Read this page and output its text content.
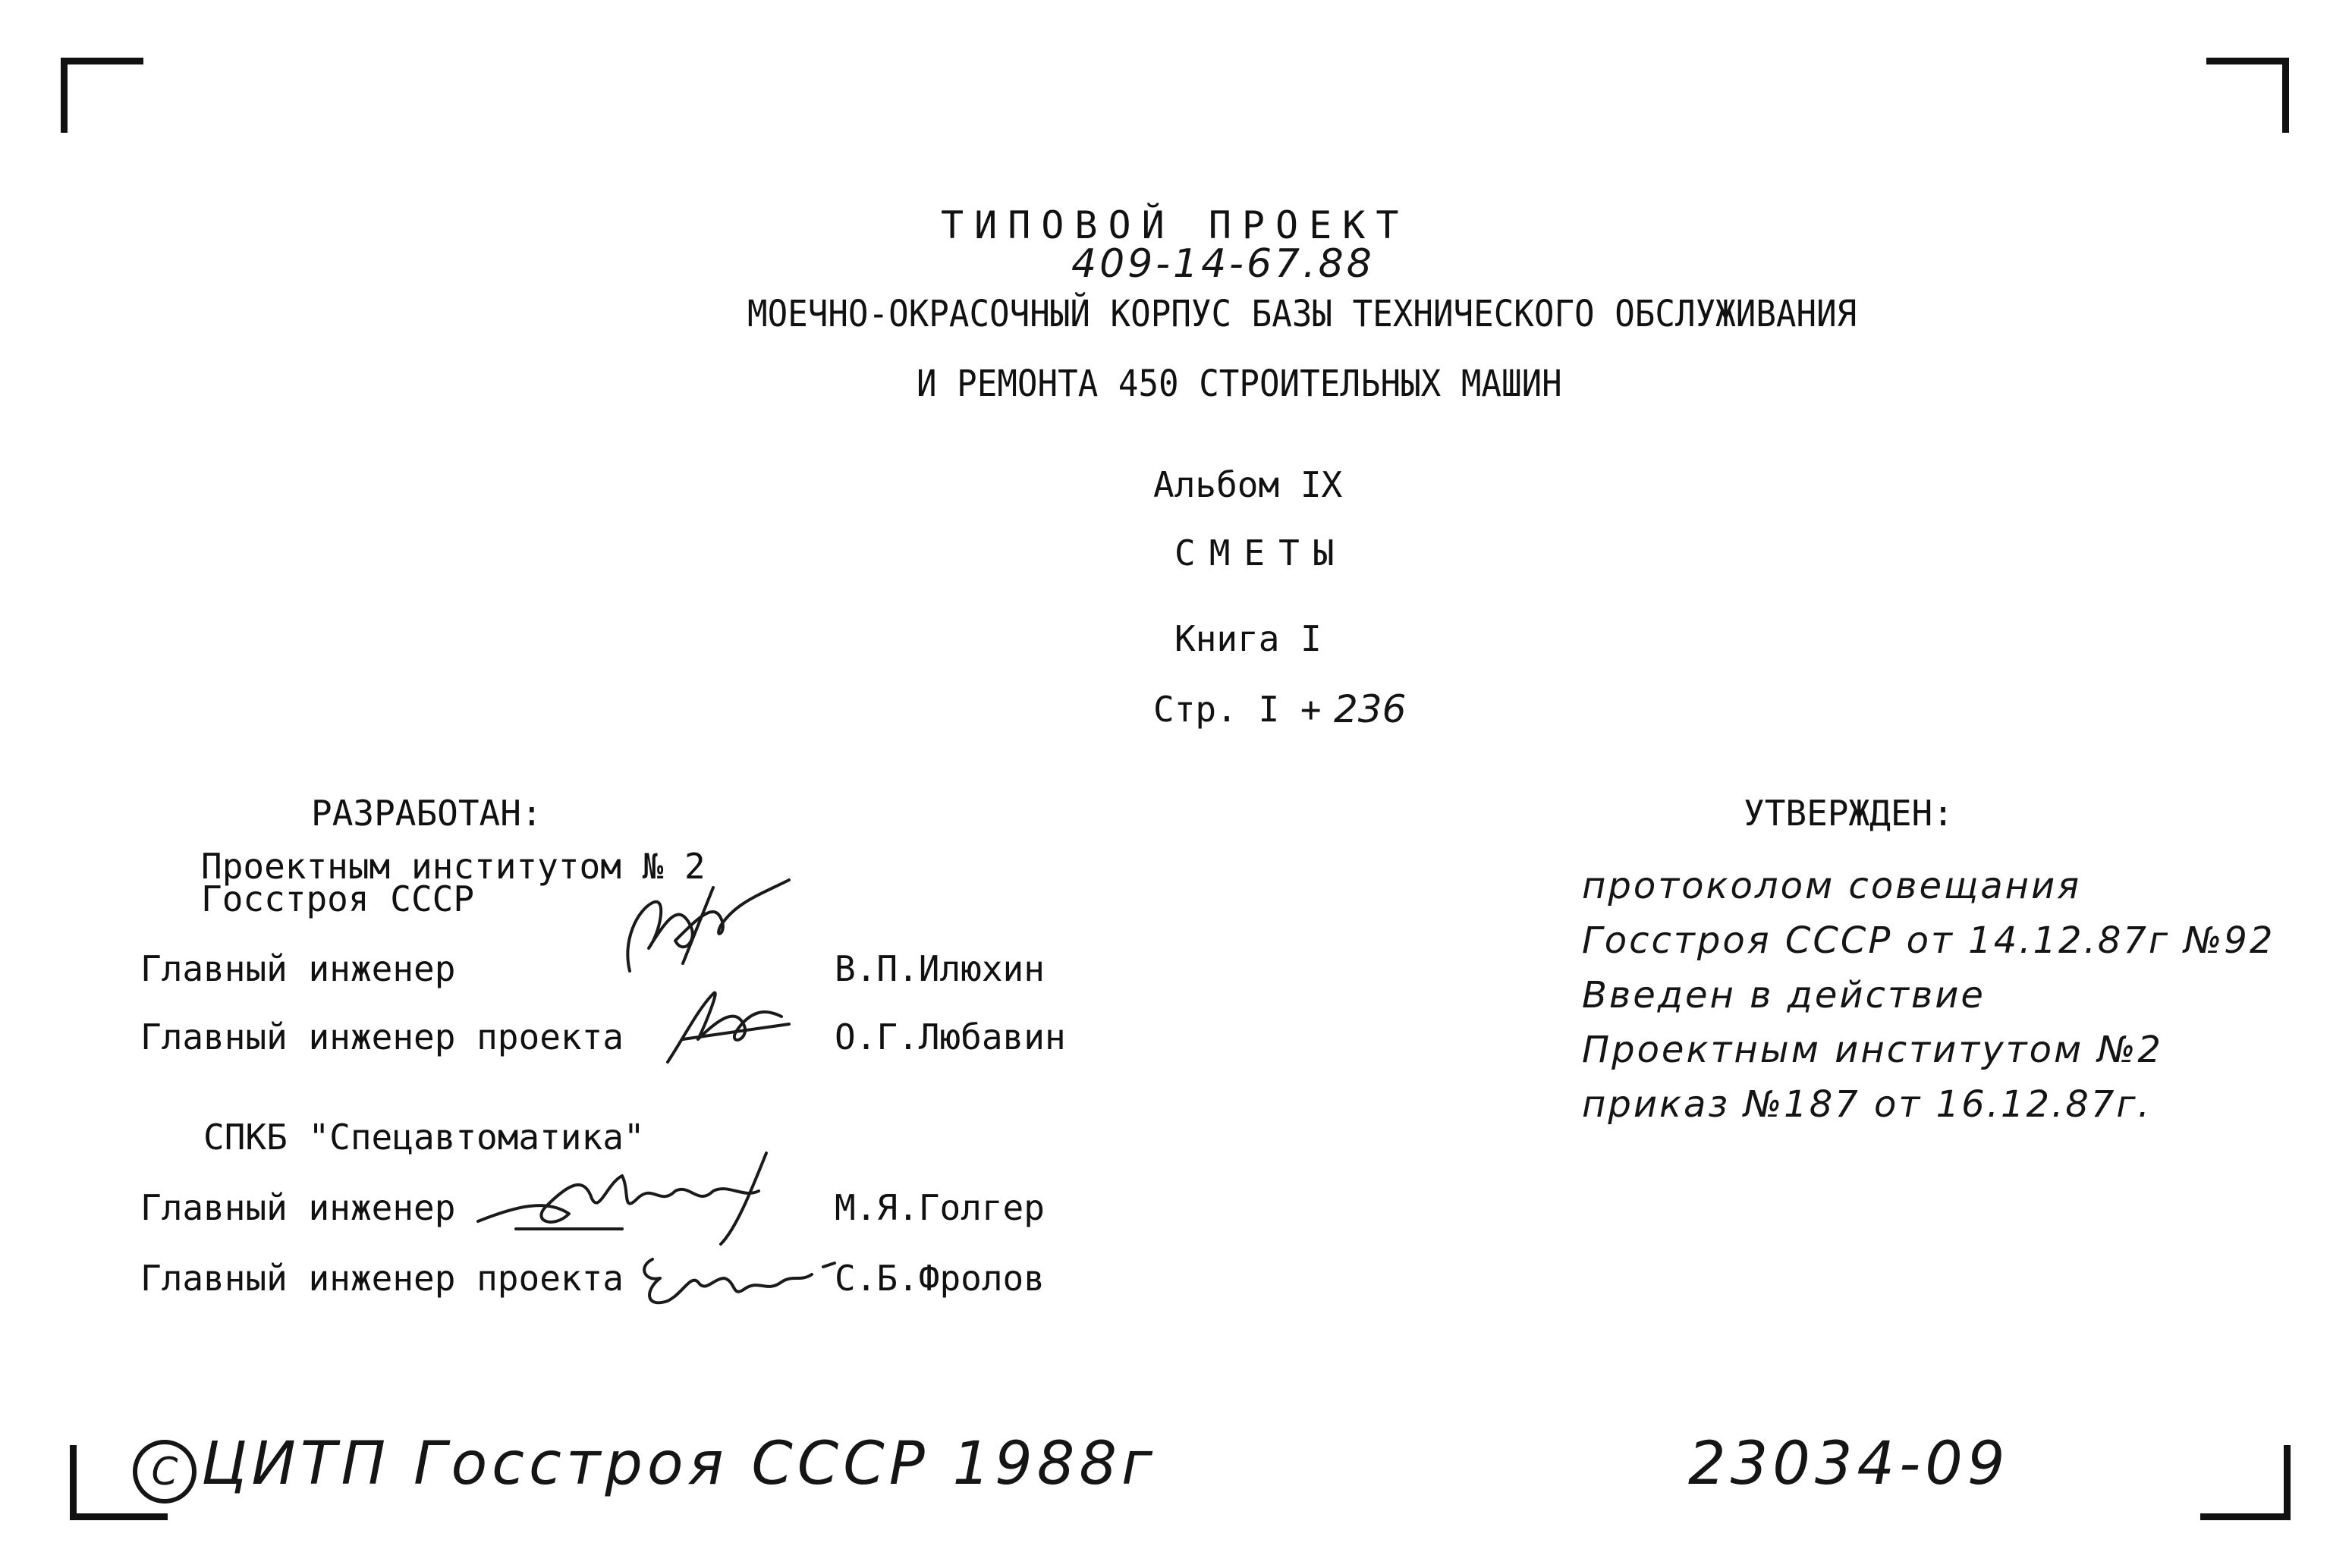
ТИПОВОЙ ПРОЕКТ
409-14-67.88
МОЕЧНО-ОКРАСОЧНЫЙ КОРПУС БАЗЫ ТЕХНИЧЕСКОГО ОБСЛУЖИВАНИЯ
И РЕМОНТА 450 СТРОИТЕЛЬНЫХ МАШИН
Альбом IX
СМЕТЫ
Книга I
Стр. I + 236
РАЗРАБОТАН:
Проектным институтом № 2
Госстроя СССР
Главный инженер	В.П.Илюхин
Главный инженер проекта	О.Г.Любавин
СПКБ "Спецавтоматика"
Главный инженер	М.Я.Голгер
Главный инженер проекта	С.Б.Фролов
УТВЕРЖДЕН:
протоколом совещания
Госстроя СССР от 14.12.87г №92
Введен в действие
Проектным институтом №2
приказ №187 от 16.12.87г.
С ЦИТП Госстроя СССР 1988г	23034-09
